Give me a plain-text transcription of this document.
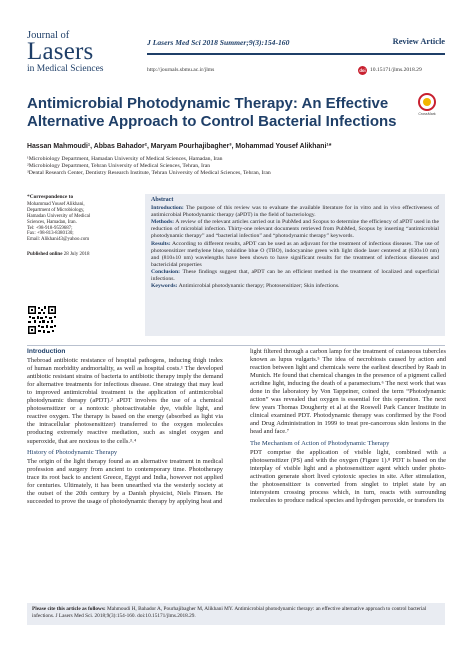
Journal of
Lasers
in Medical Sciences
J Lasers Med Sci 2018 Summer;9(3):154-160	Review Article
http://journals.sbmu.ac.ir/jlms	doi 10.15171/jlms.2018.29
Antimicrobial Photodynamic Therapy: An Effective Alternative Approach to Control Bacterial Infections	CrossMark
Hassan Mahmoudi¹, Abbas Bahador², Maryam Pourhajibagher³, Mohammad Yousef Alikhani¹*
¹Microbiology Department, Hamadan University of Medical Sciences, Hamadan, Iran
²Microbiology Department, Tehran University of Medical Sciences, Tehran, Iran
³Dental Research Center, Dentistry Research Institute, Tehran University of Medical Sciences, Tehran, Iran
*Correspondence to
Mohammad Yousef Alikhani,
Department of Microbiology,
Hamadan University of Medical
Sciences, Hamadan, Iran.
Tel: +98-918-9559687;
Fax: +98-813-8380130;
Email: Alikhani43@yahoo.com
Published online 28 July 2018
Abstract

Introduction: The purpose of this review was to evaluate the available literature for in vitro and in vivo effectiveness of antimicrobial Photodynamic therapy (aPDT) in the field of bacteriology.

Methods: A review of the relevant articles carried out in PubMed and Scopus to determine the efficiency of aPDT used in the reduction of microbial infection. Thirty-one relevant documents retrieved from PubMed, Scopus by inserting “antimicrobial photodynamic therapy” and “bacterial infection” and “photodynamic therapy” keywords.

Results: According to different results, aPDT can be used as an adjuvant for the treatment of infectious diseases. The use of photosensitizer methylene blue, toluidine blue O (TBO), indocyanine green with light diode laser centered at (630±10 nm) and (810±10 nm) wavelengths have been shown to have significant results for the treatment of infectious diseases and bactericidal properties

Conclusion: These findings suggest that, aPDT can be an efficient method in the treatment of localized and superficial infections.

Keywords: Antimicrobial photodynamic therapy; Photosensitizer; Skin infections.

Introduction

Thebroad antibiotic resistance of hospital pathogens, inducing thigh index of human morbidity andmortality, as well as hospital costs.¹ The developed antibiotic resistant strains of bacteria to antibiotic therapy imply the demand for alternative treatments for infectious disease. One strategy that may lead to improved antimicrobial treatment is the application of antimicrobial photodynamic therapy (aPDT).² aPDT involves the use of a chemical photosensitizer or a nontoxic photoactivatable dye, visible light, and reactive oxygen. The therapy is based on the energy (absorbed as light via the intracellular photosensitizer) transferred to the oxygen molecules producing extremely reactive mediation, such as singlet oxygen and superoxide, that are noxious to the cells.³˒⁴

History of Photodynamic Therapy

The origin of the light therapy found as an alternative treatment in medical profession and surgery from ancient to contemporary time. Phototherapy trace its root back to ancient Greece, Egypt and India, however not applied for centuries. Ultimately, it has been unearthed via the westerly society at the outset of the 20th century by a Danish physicist, Niels Finsen. He succeeded to prove the usage of photodynamic therapy by applying heat and

light filtered through a carbon lamp for the treatment of cutaneous tubercles known as lupus vulgaris.⁵ The idea of necrobiosis caused by action and reaction between light and chemicals were the earliest described by Raab in Munich. He found that chemical changes in the presence of a pigment called acridine light, inducing the death of a paramecium.⁶ The next work that was done in the laboratory by Von Tappeiner, coined the term “Photodynamic action” was revealed that oxygen is essential for this operation. The next few years Thomas Dougherty et al at the Roswell Park Cancer Institute in clinical examined PDT. Photodynamic therapy was confirmed by the Food and Drug Administration in 1999 to treat pre-cancerous skin lesions in the head and face.⁷

The Mechanism of Action of Photodynamic Therapy

PDT comprise the application of visible light, combined with a photosensitizer (PS) and with the oxygen (Figure 1).⁸ PDT is based on the interplay of visible light and a photosensitizer agent which under photo-activation generate short lived cytotoxic species in site. After stimulation, the photosensitizer is converted from singlet to triplet state by an intersystem crossing process which, in turn, reacts with surrounding molecules to produce radical species and hydrogen peroxide, or transfers its

Please cite this article as follows: Mahmoudi H, Bahador A, Pourhajibagher M, Alikhani MY. Antimicrobial photodynamic therapy: an effective alternative approach to control bacterial infections. J Lasers Med Sci. 2018;9(3):154-160. doi:10.15171/jlms.2018.29.
